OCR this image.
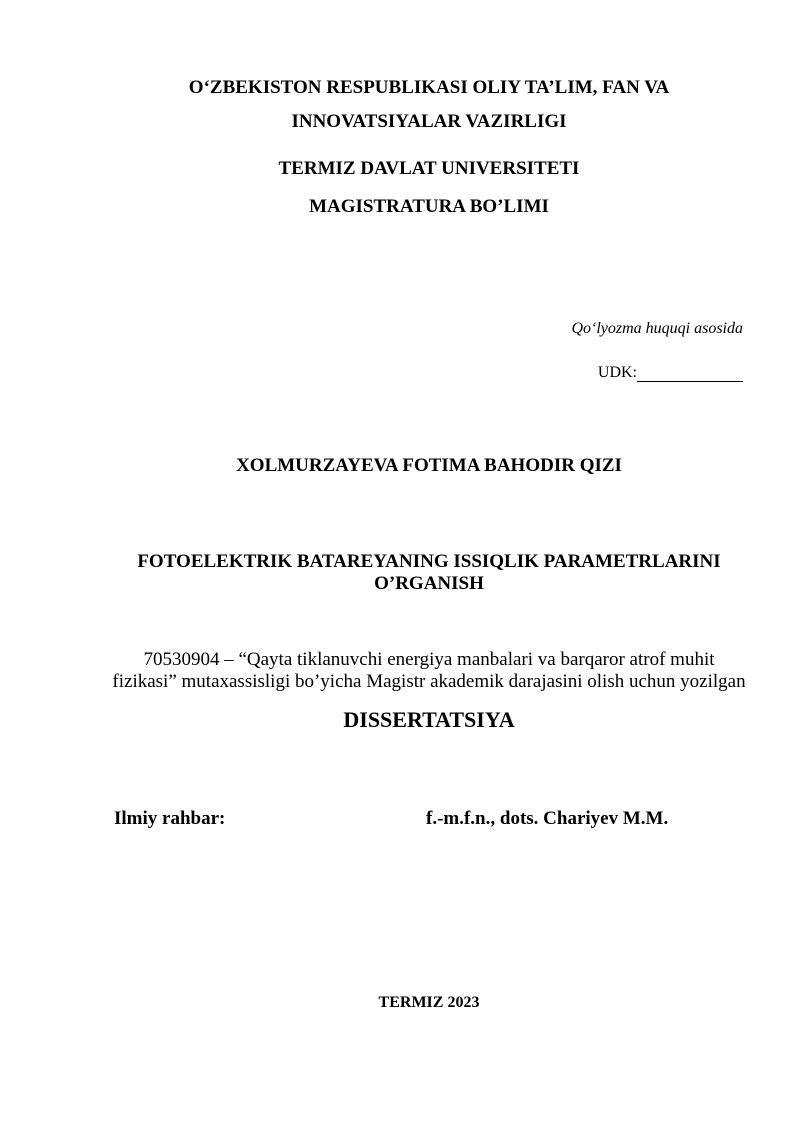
O‘ZBEKISTON RESPUBLIKASI OLIY TA’LIM, FAN VA
INNOVATSIYALAR VAZIRLIGI
TERMIZ DAVLAT UNIVERSITETI
MAGISTRATURA BO’LIMI
Qo‘lyozma huquqi asosida
UDK:
XOLMURZAYEVA FOTIMA BAHODIR QIZI
FOTOELEKTRIK BATAREYANING ISSIQLIK PARAMETRLARINI
O’RGANISH
70530904 – “Qayta tiklanuvchi energiya manbalari va barqaror atrof muhit
fizikasi” mutaxassisligi bo’yicha Magistr akademik darajasini olish uchun yozilgan
DISSERTATSIYA
Ilmiy rahbar:	f.-m.f.n., dots. Chariyev M.M.
TERMIZ 2023
